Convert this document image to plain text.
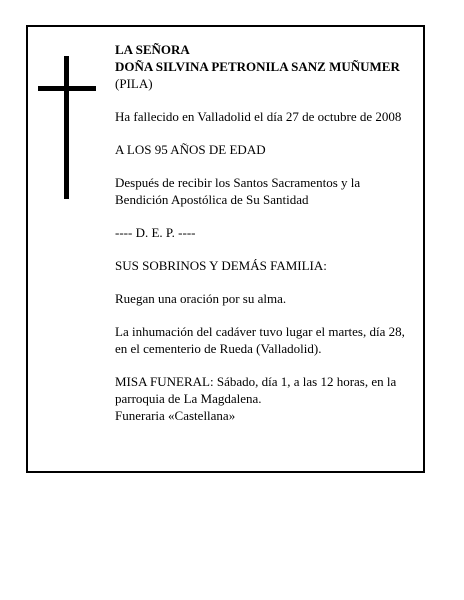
LA SEÑORA
DOÑA SILVINA PETRONILA SANZ MUÑUMER
(PILA)

Ha fallecido en Valladolid el día 27 de octubre de 2008

A LOS 95 AÑOS DE EDAD

Después de recibir los Santos Sacramentos y la
Bendición Apostólica de Su Santidad

---- D. E. P. ----

SUS SOBRINOS Y DEMÁS FAMILIA:

Ruegan una oración por su alma.

La inhumación del cadáver tuvo lugar el martes, día 28,
en el cementerio de Rueda (Valladolid).

MISA FUNERAL: Sábado, día 1, a las 12 horas, en la
parroquia de La Magdalena.
Funeraria «Castellana»
